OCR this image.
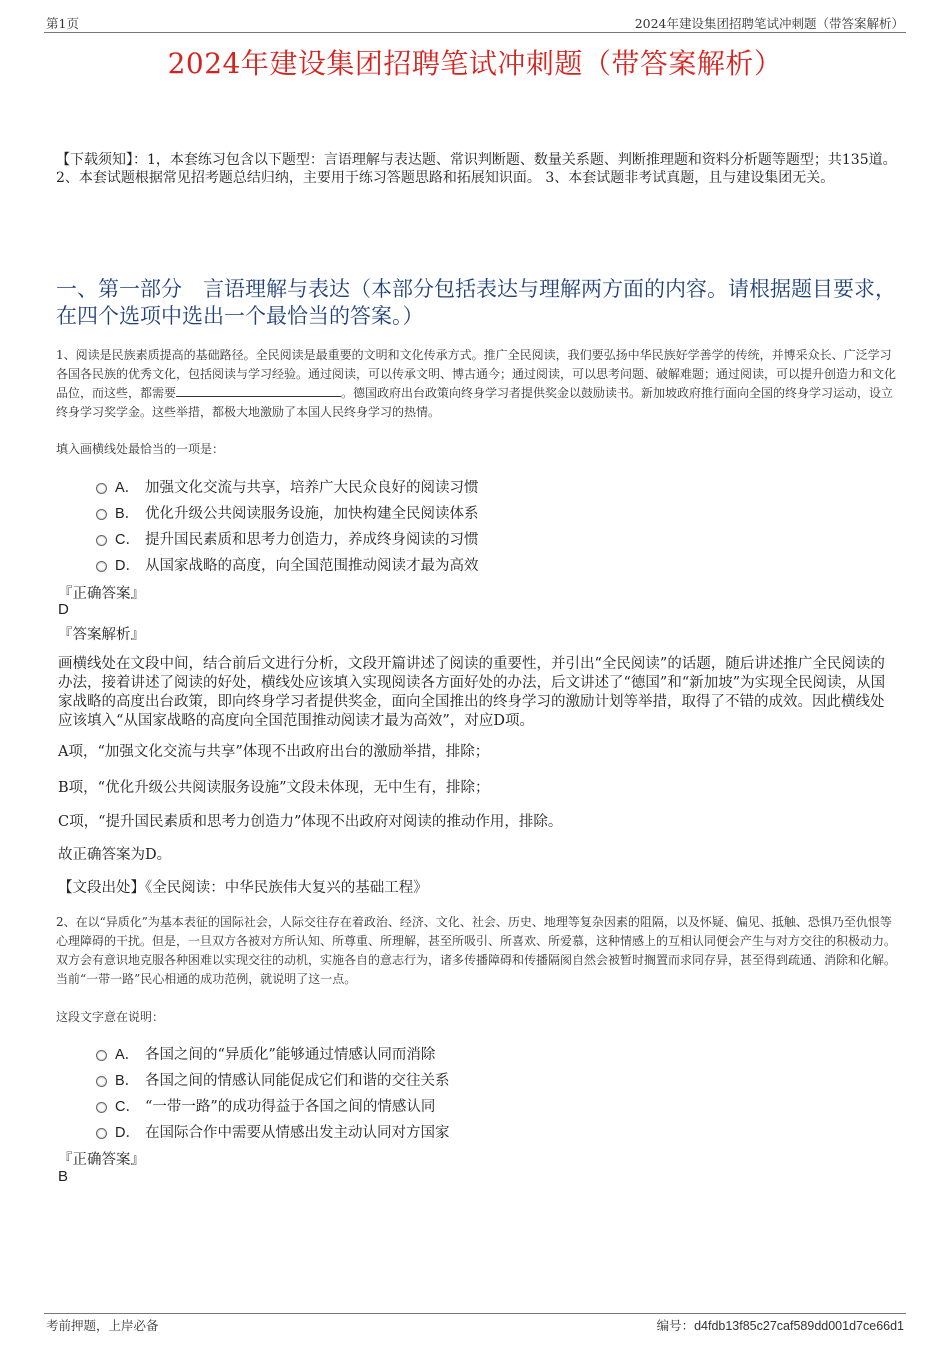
第1页	2024年建设集团招聘笔试冲刺题（带答案解析）
2024年建设集团招聘笔试冲刺题（带答案解析）
【下载须知】：1，本套练习包含以下题型：言语理解与表达题、常识判断题、数量关系题、判断推理题和资料分析题等题型；共135道。 2、本套试题根据常见招考题总结归纳，主要用于练习答题思路和拓展知识面。 3、本套试题非考试真题，且与建设集团无关。
一、第一部分　言语理解与表达（本部分包括表达与理解两方面的内容。请根据题目要求，在四个选项中选出一个最恰当的答案。）
1、阅读是民族素质提高的基础路径。全民阅读是最重要的文明和文化传承方式。推广全民阅读，我们要弘扬中华民族好学善学的传统，并博采众长、广泛学习各国各民族的优秀文化，包括阅读与学习经验。通过阅读，可以传承文明、博古通今；通过阅读，可以思考问题、破解难题；通过阅读，可以提升创造力和文化品位，而这些，都需要	。德国政府出台政策向终身学习者提供奖金以鼓励读书。新加坡政府推行面向全国的终身学习运动，设立终身学习奖学金。这些举措，都极大地激励了本国人民终身学习的热情。
填入画横线处最恰当的一项是：
A． 加强文化交流与共享，培养广大民众良好的阅读习惯
B． 优化升级公共阅读服务设施，加快构建全民阅读体系
C． 提升国民素质和思考力创造力，养成终身阅读的习惯
D． 从国家战略的高度，向全国范围推动阅读才最为高效
『正确答案』
D
『答案解析』
画横线处在文段中间，结合前后文进行分析，文段开篇讲述了阅读的重要性，并引出“全民阅读”的话题，随后讲述推广全民阅读的办法，接着讲述了阅读的好处，横线处应该填入实现阅读各方面好处的办法，后文讲述了“德国”和“新加坡”为实现全民阅读，从国家战略的高度出台政策，即向终身学习者提供奖金，面向全国推出的终身学习的激励计划等举措，取得了不错的成效。因此横线处应该填入“从国家战略的高度向全国范围推动阅读才最为高效”，对应D项。
A项，“加强文化交流与共享”体现不出政府出台的激励举措，排除；
B项，“优化升级公共阅读服务设施”文段未体现，无中生有，排除；
C项，“提升国民素质和思考力创造力”体现不出政府对阅读的推动作用，排除。
故正确答案为D。
【文段出处】《全民阅读：中华民族伟大复兴的基础工程》
2、在以“异质化”为基本表征的国际社会，人际交往存在着政治、经济、文化、社会、历史、地理等复杂因素的阻隔，以及怀疑、偏见、抵触、恐惧乃至仇恨等心理障碍的干扰。但是，一旦双方各被对方所认知、所尊重、所理解，甚至所吸引、所喜欢、所爱慕，这种情感上的互相认同便会产生与对方交往的积极动力。双方会有意识地克服各种困难以实现交往的动机，实施各自的意志行为，诸多传播障碍和传播隔阂自然会被暂时搁置而求同存异，甚至得到疏通、消除和化解。当前“一带一路”民心相通的成功范例，就说明了这一点。
这段文字意在说明：
A． 各国之间的“异质化”能够通过情感认同而消除
B． 各国之间的情感认同能促成它们和谐的交往关系
C． “一带一路”的成功得益于各国之间的情感认同
D． 在国际合作中需要从情感出发主动认同对方国家
『正确答案』
B
考前押题，上岸必备	编号：d4fdb13f85c27caf589dd001d7ce66d1
